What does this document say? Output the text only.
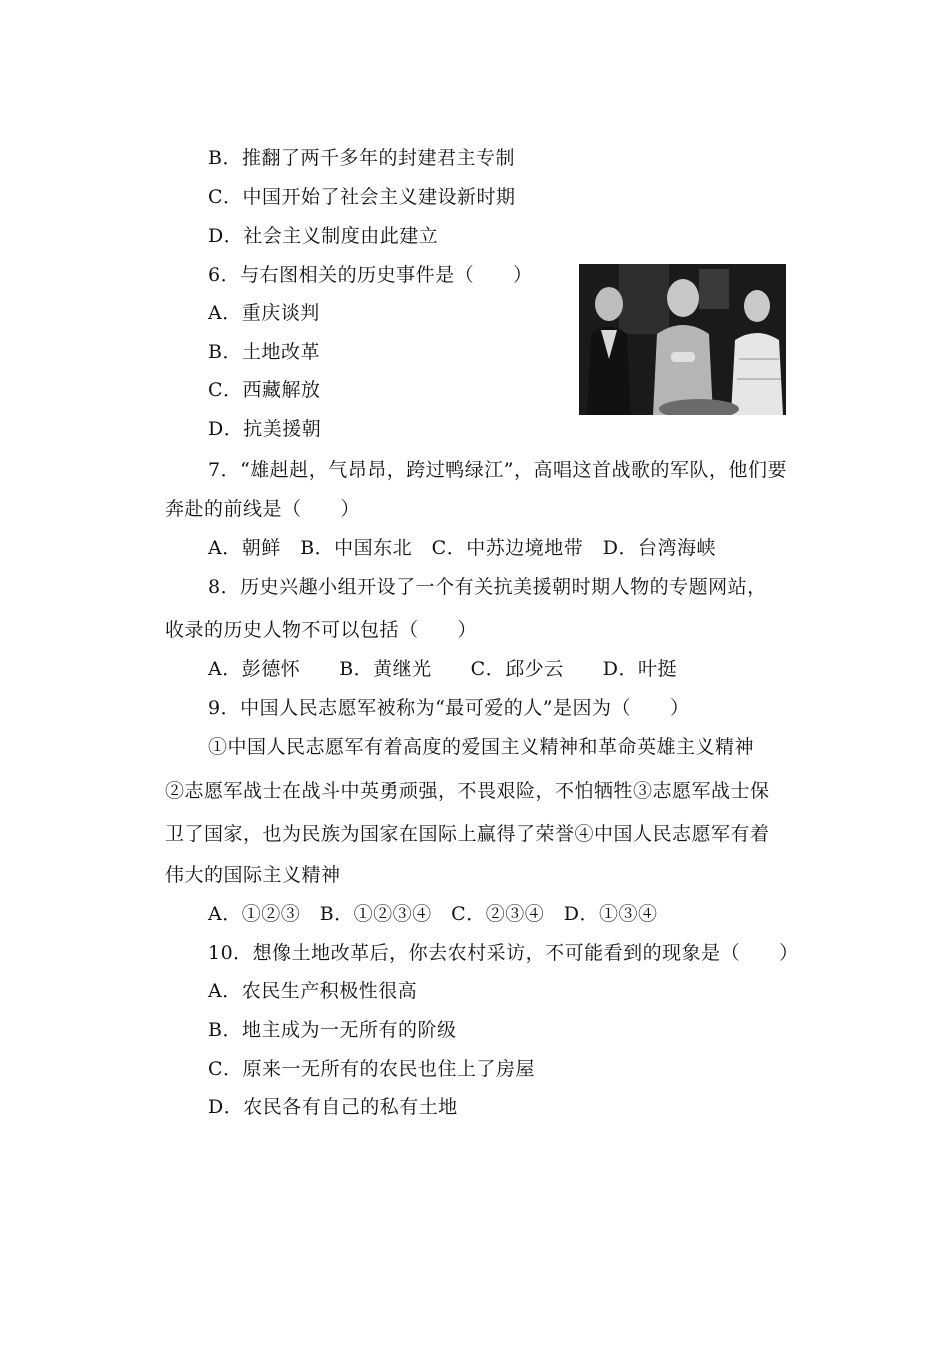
B．推翻了两千多年的封建君主专制
C．中国开始了社会主义建设新时期
D．社会主义制度由此建立
6．与右图相关的历史事件是（　　）
A．重庆谈判
B．土地改革
C．西藏解放
D．抗美援朝
7．“雄赳赳，气昂昂，跨过鸭绿江”，高唱这首战歌的军队，他们要
奔赴的前线是（　　）
A．朝鲜　B．中国东北　C．中苏边境地带　D．台湾海峡
8．历史兴趣小组开设了一个有关抗美援朝时期人物的专题网站，
收录的历史人物不可以包括（　　）
A．彭德怀　　B．黄继光　　C．邱少云　　D．叶挺
9．中国人民志愿军被称为“最可爱的人”是因为（　　）
①中国人民志愿军有着高度的爱国主义精神和革命英雄主义精神
②志愿军战士在战斗中英勇顽强，不畏艰险，不怕牺牲③志愿军战士保
卫了国家，也为民族为国家在国际上赢得了荣誉④中国人民志愿军有着
伟大的国际主义精神
A．①②③　B．①②③④　C．②③④　D．①③④
10．想像土地改革后，你去农村采访，不可能看到的现象是（　　）
A．农民生产积极性很高
B．地主成为一无所有的阶级
C．原来一无所有的农民也住上了房屋
D．农民各有自己的私有土地
